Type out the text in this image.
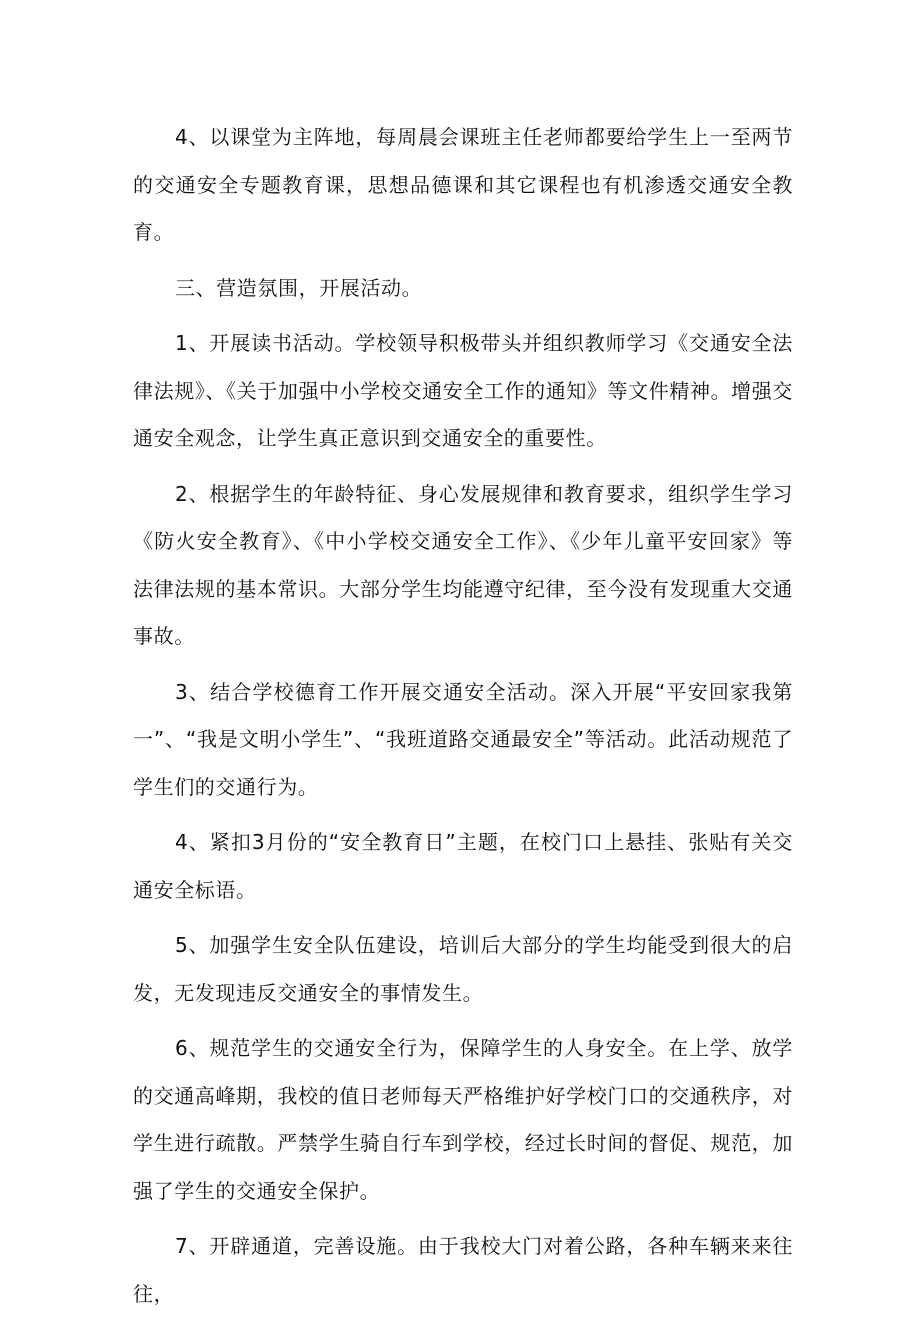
4、以课堂为主阵地，每周晨会课班主任老师都要给学生上一至两节的交通安全专题教育课，思想品德课和其它课程也有机渗透交通安全教育。

三、营造氛围，开展活动。

1、开展读书活动。学校领导积极带头并组织教师学习《交通安全法律法规》、《关于加强中小学校交通安全工作的通知》等文件精神。增强交通安全观念，让学生真正意识到交通安全的重要性。

2、根据学生的年龄特征、身心发展规律和教育要求，组织学生学习《防火安全教育》、《中小学校交通安全工作》、《少年儿童平安回家》等法律法规的基本常识。大部分学生均能遵守纪律，至今没有发现重大交通事故。

3、结合学校德育工作开展交通安全活动。深入开展“平安回家我第一”、“我是文明小学生”、“我班道路交通最安全”等活动。此活动规范了学生们的交通行为。

4、紧扣3月份的“安全教育日”主题，在校门口上悬挂、张贴有关交通安全标语。

5、加强学生安全队伍建设，培训后大部分的学生均能受到很大的启发，无发现违反交通安全的事情发生。

6、规范学生的交通安全行为，保障学生的人身安全。在上学、放学的交通高峰期，我校的值日老师每天严格维护好学校门口的交通秩序，对学生进行疏散。严禁学生骑自行车到学校，经过长时间的督促、规范，加强了学生的交通安全保护。

7、开辟通道，完善设施。由于我校大门对着公路，各种车辆来来往往，
